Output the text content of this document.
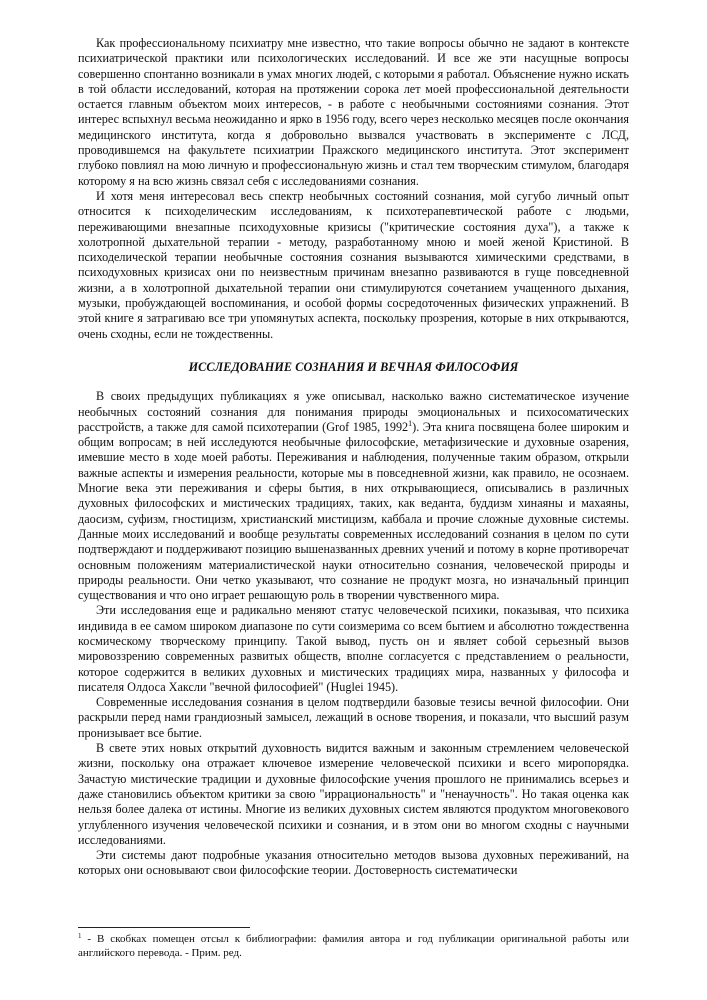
Как профессиональному психиатру мне известно, что такие вопросы обычно не задают в контексте психиатрической практики или психологических исследований. И все же эти насущные вопросы совершенно спонтанно возникали в умах многих людей, с которыми я работал. Объяснение нужно искать в той области исследований, которая на протяжении сорока лет моей профессиональной деятельности остается главным объектом моих интересов, - в работе с необычными состояниями сознания. Этот интерес вспыхнул весьма неожиданно и ярко в 1956 году, всего через несколько месяцев после окончания медицинского института, когда я добровольно вызвался участвовать в эксперименте с ЛСД, проводившемся на факультете психиатрии Пражского медицинского института. Этот эксперимент глубоко повлиял на мою личную и профессиональную жизнь и стал тем творческим стимулом, благодаря которому я на всю жизнь связал себя с исследованиями сознания.

И хотя меня интересовал весь спектр необычных состояний сознания, мой сугубо личный опыт относится к психоделическим исследованиям, к психотерапевтической работе с людьми, переживающими внезапные психодуховные кризисы ("критические состояния духа"), а также к холотропной дыхательной терапии - методу, разработанному мною и моей женой Кристиной. В психоделической терапии необычные состояния сознания вызываются химическими средствами, в психодуховных кризисах они по неизвестным причинам внезапно развиваются в гуще повседневной жизни, а в холотропной дыхательной терапии они стимулируются сочетанием учащенного дыхания, музыки, пробуждающей воспоминания, и особой формы сосредоточенных физических упражнений. В этой книге я затрагиваю все три упомянутых аспекта, поскольку прозрения, которые в них открываются, очень сходны, если не тождественны.

ИССЛЕДОВАНИЕ СОЗНАНИЯ И ВЕЧНАЯ ФИЛОСОФИЯ

В своих предыдущих публикациях я уже описывал, насколько важно систематическое изучение необычных состояний сознания для понимания природы эмоциональных и психосоматических расстройств, а также для самой психотерапии (Grof 1985, 1992$^1$). Эта книга посвящена более широким и общим вопросам; в ней исследуются необычные философские, метафизические и духовные озарения, имевшие место в ходе моей работы. Переживания и наблюдения, полученные таким образом, открыли важные аспекты и измерения реальности, которые мы в повседневной жизни, как правило, не осознаем. Многие века эти переживания и сферы бытия, в них открывающиеся, описывались в различных духовных философских и мистических традициях, таких, как веданта, буддизм хинаяны и махаяны, даосизм, суфизм, гностицизм, христианский мистицизм, каббала и прочие сложные духовные системы. Данные моих исследований и вообще результаты современных исследований сознания в целом по сути подтверждают и поддерживают позицию вышеназванных древних учений и потому в корне противоречат основным положениям материалистической науки относительно сознания, человеческой природы и природы реальности. Они четко указывают, что сознание не продукт мозга, но изначальный принцип существования и что оно играет решающую роль в творении чувственного мира.

Эти исследования еще и радикально меняют статус человеческой психики, показывая, что психика индивида в ее самом широком диапазоне по сути соизмерима со всем бытием и абсолютно тождественна космическому творческому принципу. Такой вывод, пусть он и являет собой серьезный вызов мировоззрению современных развитых обществ, вполне согласуется с представлением о реальности, которое содержится в великих духовных и мистических традициях мира, названных у философа и писателя Олдоса Хаксли "вечной философией" (Huglei 1945).

Современные исследования сознания в целом подтвердили базовые тезисы вечной философии. Они раскрыли перед нами грандиозный замысел, лежащий в основе творения, и показали, что высший разум пронизывает все бытие.

В свете этих новых открытий духовность видится важным и законным стремлением человеческой жизни, поскольку она отражает ключевое измерение человеческой психики и всего миропорядка. Зачастую мистические традиции и духовные философские учения прошлого не принимались всерьез и даже становились объектом критики за свою "иррациональность" и "ненаучность". Но такая оценка как нельзя более далека от истины. Многие из великих духовных систем являются продуктом многовекового углубленного изучения человеческой психики и сознания, и в этом они во многом сходны с научными исследованиями.

Эти системы дают подробные указания относительно методов вызова духовных переживаний, на которых они основывают свои философские теории. Достоверность систематически

$^1$ - В скобках помещен отсыл к библиографии: фамилия автора и год публикации оригинальной работы или английского перевода. - Прим. ред.
